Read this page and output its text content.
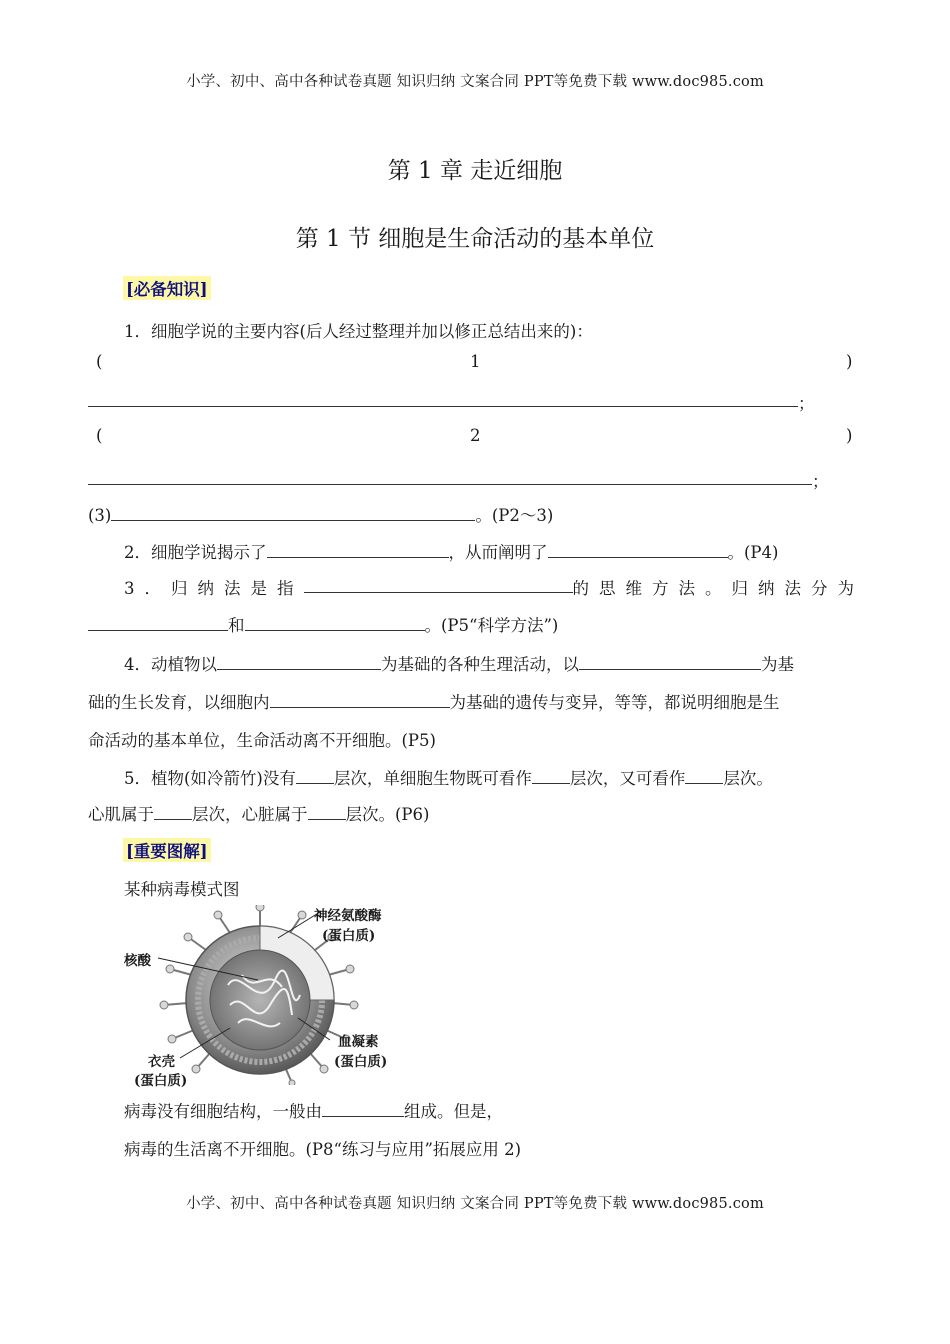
小学、初中、高中各种试卷真题 知识归纳 文案合同 PPT等免费下载 www.doc985.com
第 1 章 走近细胞
第 1 节 细胞是生命活动的基本单位
[必备知识]
1．细胞学说的主要内容(后人经过整理并加以修正总结出来的)：
(	1	)
；
(	2	)
；
(3)	。(P2～3)
2．细胞学说揭示了	，从而阐明了	。(P4)
3．归纳法是指	的思维方法。归纳法分为
和	。(P5“科学方法”)
4．动植物以	为基础的各种生理活动，以	为基
础的生长发育，以细胞内	为基础的遗传与变异，等等，都说明细胞是生
命活动的基本单位，生命活动离不开细胞。(P5)
5．植物(如冷箭竹)没有 层次，单细胞生物既可看作 层次，又可看作 层次。
心肌属于 层次，心脏属于 层次。(P6)
[重要图解]
某种病毒模式图
神经氨酸酶
(蛋白质)
核酸
血凝素
(蛋白质)
衣壳
(蛋白质)
病毒没有细胞结构，一般由	组成。但是，
病毒的生活离不开细胞。(P8“练习与应用”拓展应用 2)
小学、初中、高中各种试卷真题 知识归纳 文案合同 PPT等免费下载 www.doc985.com
